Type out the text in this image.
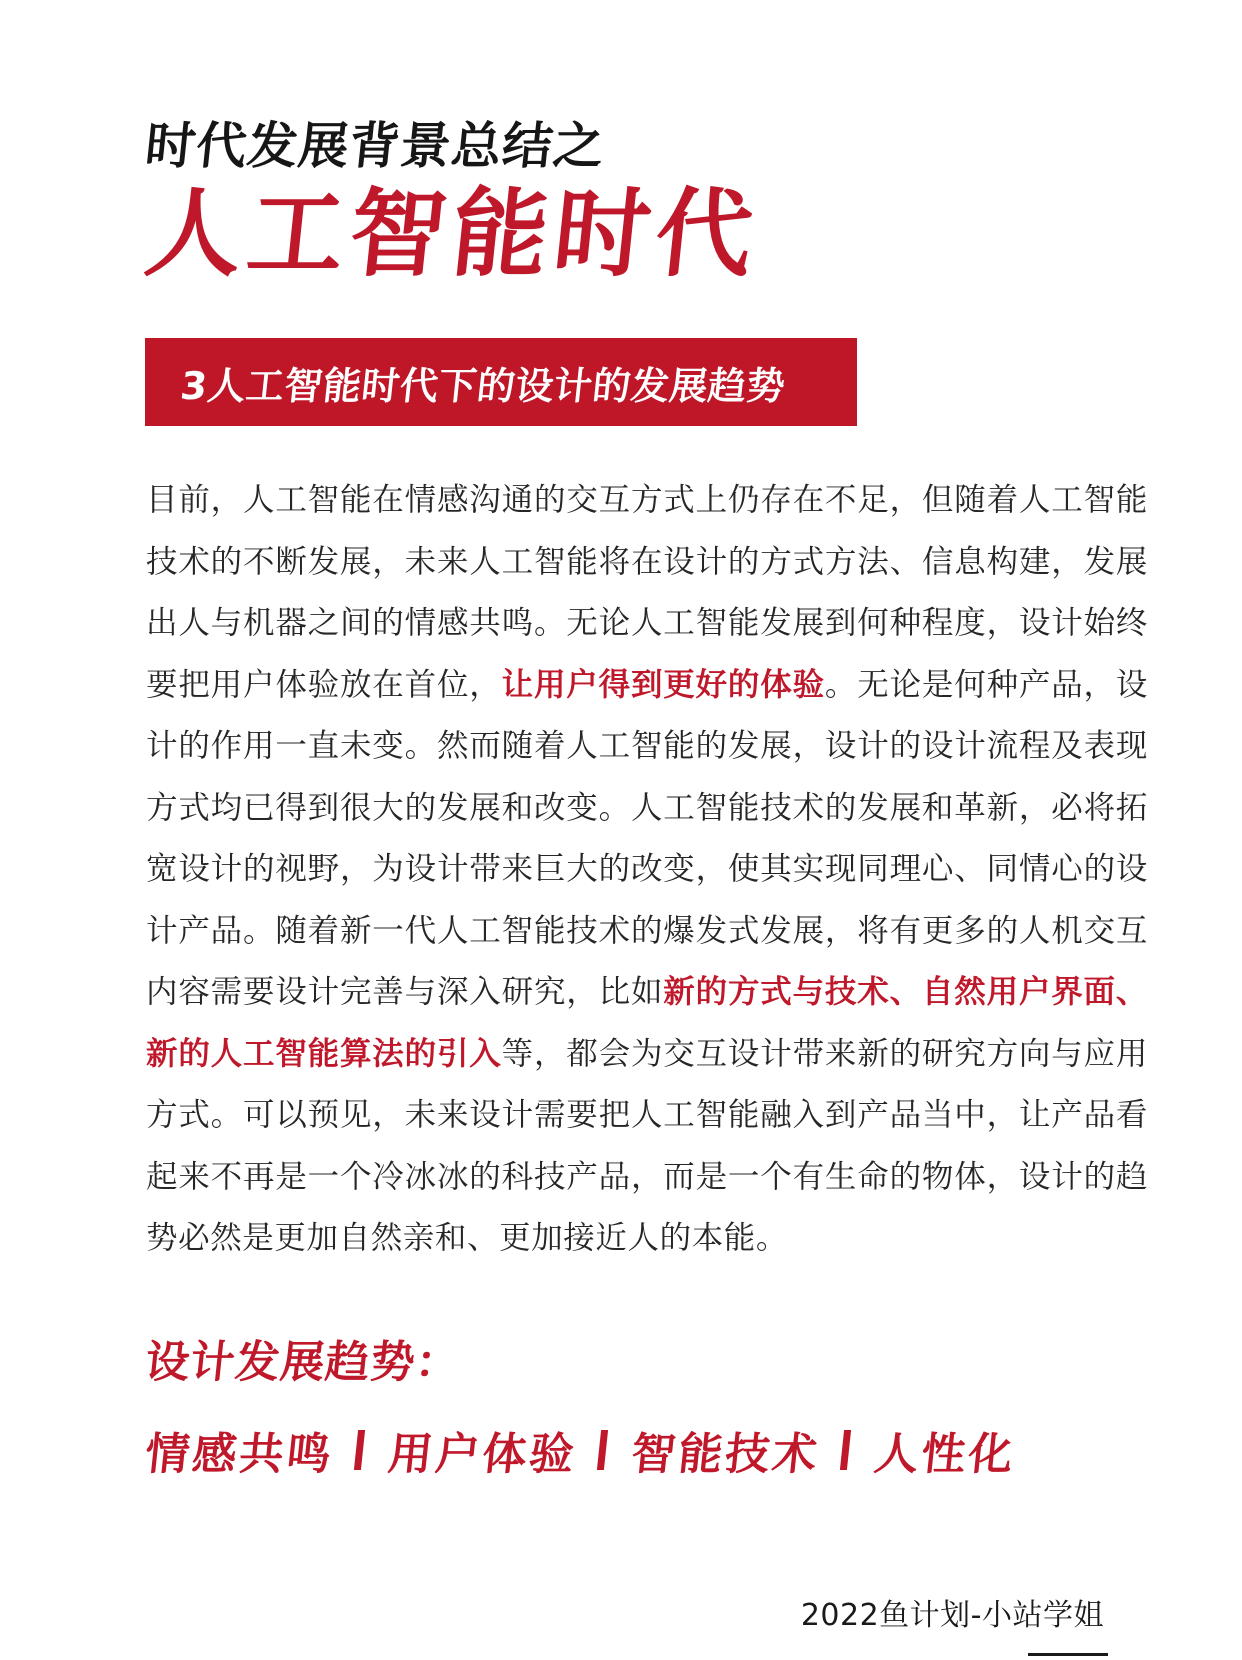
时代发展背景总结之
人工智能时代
3人工智能时代下的设计的发展趋势

目前，人工智能在情感沟通的交互方式上仍存在不足，但随着人工智能技术的不断发展，未来人工智能将在设计的方式方法、信息构建，发展出人与机器之间的情感共鸣。无论人工智能发展到何种程度，设计始终要把用户体验放在首位，让用户得到更好的体验。无论是何种产品，设计的作用一直未变。然而随着人工智能的发展，设计的设计流程及表现方式均已得到很大的发展和改变。人工智能技术的发展和革新，必将拓宽设计的视野，为设计带来巨大的改变，使其实现同理心、同情心的设计产品。随着新一代人工智能技术的爆发式发展，将有更多的人机交互内容需要设计完善与深入研究，比如新的方式与技术、自然用户界面、新的人工智能算法的引入等，都会为交互设计带来新的研究方向与应用方式。可以预见，未来设计需要把人工智能融入到产品当中，让产品看起来不再是一个冷冰冰的科技产品，而是一个有生命的物体，设计的趋势必然是更加自然亲和、更加接近人的本能。

设计发展趋势：
情感共鸣 用户体验 智能技术 人性化
2022鱼计划-小站学姐
